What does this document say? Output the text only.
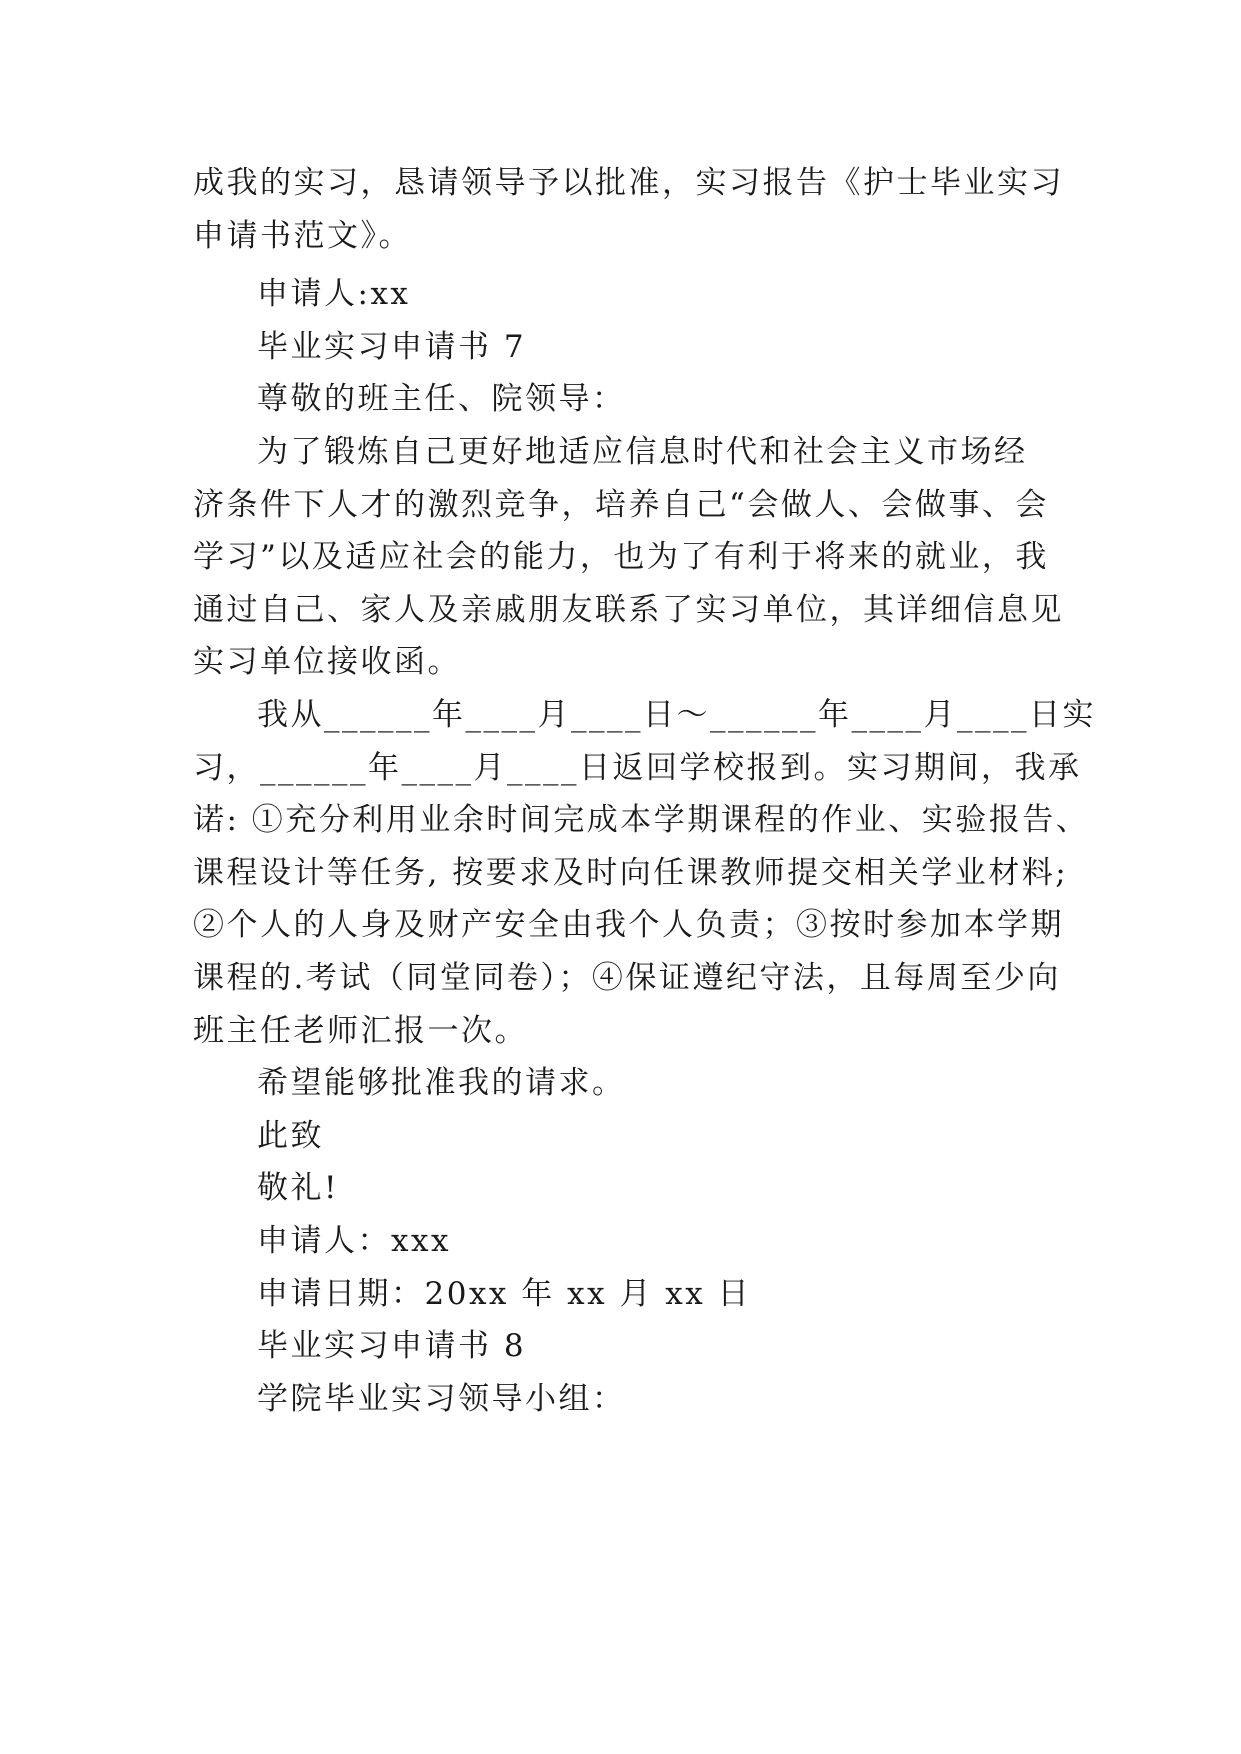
成我的实习，恳请领导予以批准，实习报告《护士毕业实习
申请书范文》。
申请人:xx
毕业实习申请书 7
尊敬的班主任、院领导：
为了锻炼自己更好地适应信息时代和社会主义市场经
济条件下人才的激烈竞争，培养自己“会做人、会做事、会
学习”以及适应社会的能力，也为了有利于将来的就业，我
通过自己、家人及亲戚朋友联系了实习单位，其详细信息见
实习单位接收函。
我从______年____月____日～______年____月____日实
习，______年____月____日返回学校报到。实习期间，我承
诺: ①充分利用业余时间完成本学期课程的作业、实验报告、
课程设计等任务, 按要求及时向任课教师提交相关学业材料;
②个人的人身及财产安全由我个人负责；③按时参加本学期
课程的.考试（同堂同卷）；④保证遵纪守法，且每周至少向
班主任老师汇报一次。
希望能够批准我的请求。
此致
敬礼!
申请人：xxx
申请日期：20xx 年 xx 月 xx 日
毕业实习申请书 8
学院毕业实习领导小组：
